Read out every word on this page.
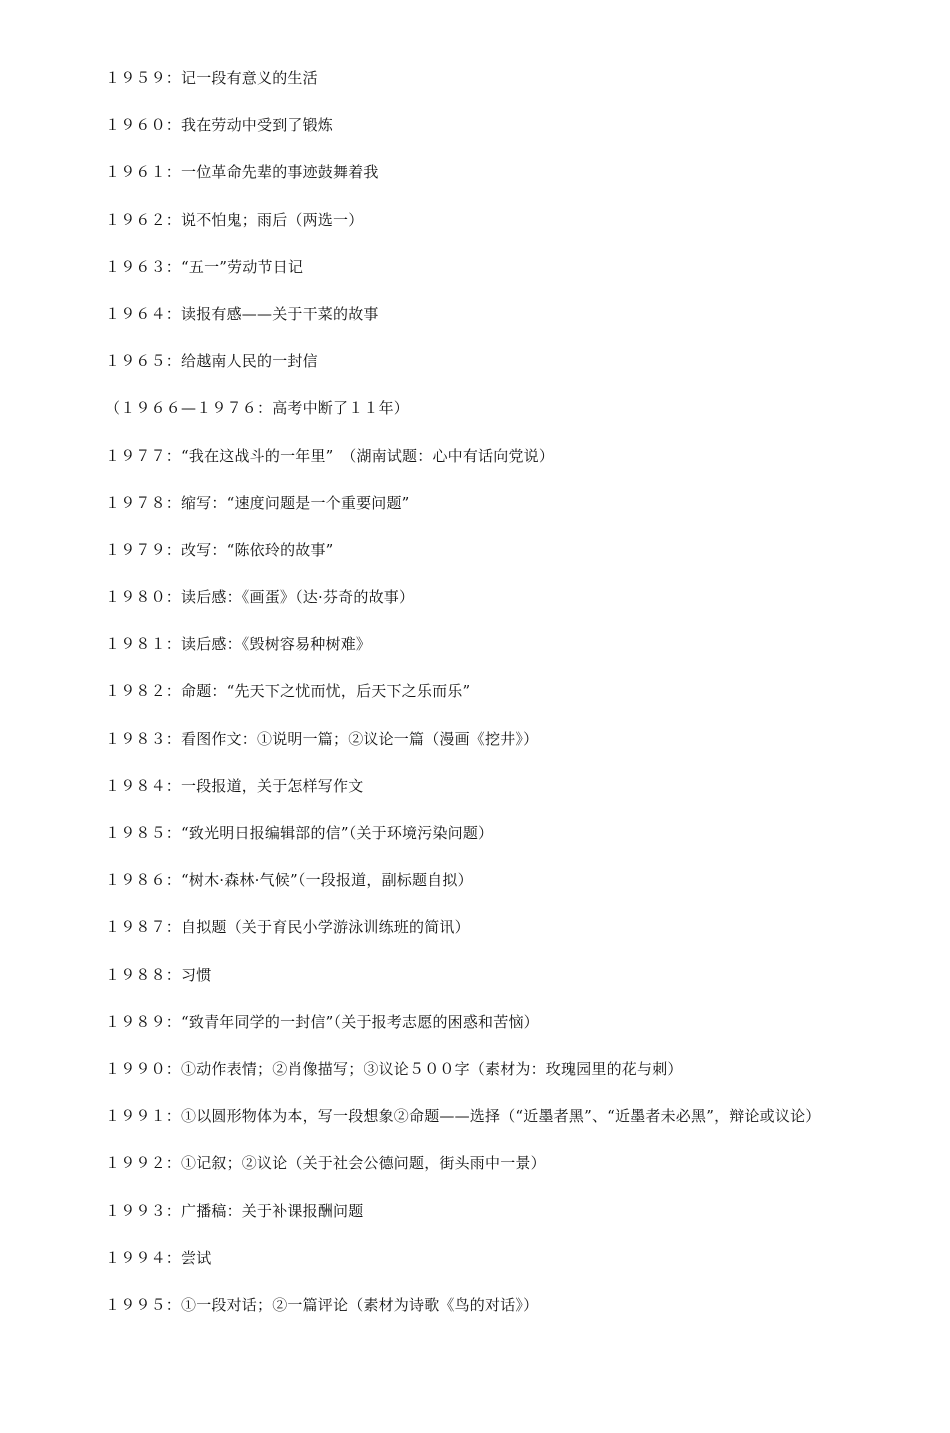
１９５９：记一段有意义的生活
１９６０：我在劳动中受到了锻炼
１９６１：一位革命先辈的事迹鼓舞着我
１９６２：说不怕鬼；雨后（两选一）
１９６３：“五一”劳动节日记
１９６４：读报有感——关于干菜的故事
１９６５：给越南人民的一封信
（１９６６—１９７６：高考中断了１１年）
１９７７：“我在这战斗的一年里”　（湖南试题：心中有话向党说）
１９７８：缩写：“速度问题是一个重要问题”
１９７９：改写：“陈依玲的故事”
１９８０：读后感：《画蛋》（达·芬奇的故事）
１９８１：读后感：《毁树容易种树难》
１９８２：命题：“先天下之忧而忧，后天下之乐而乐”
１９８３：看图作文：①说明一篇；②议论一篇（漫画《挖井》）
１９８４：一段报道，关于怎样写作文
１９８５：“致光明日报编辑部的信”（关于环境污染问题）
１９８６：“树木·森林·气候”（一段报道，副标题自拟）
１９８７：自拟题（关于育民小学游泳训练班的简讯）
１９８８：习惯
１９８９：“致青年同学的一封信”（关于报考志愿的困惑和苦恼）
１９９０：①动作表情；②肖像描写；③议论５００字（素材为：玫瑰园里的花与刺）
１９９１：①以圆形物体为本，写一段想象②命题——选择（“近墨者黑”、“近墨者未必黑”，辩论或议论）
１９９２：①记叙；②议论（关于社会公德问题，街头雨中一景）
１９９３：广播稿：关于补课报酬问题
１９９４：尝试
１９９５：①一段对话；②一篇评论（素材为诗歌《鸟的对话》）
